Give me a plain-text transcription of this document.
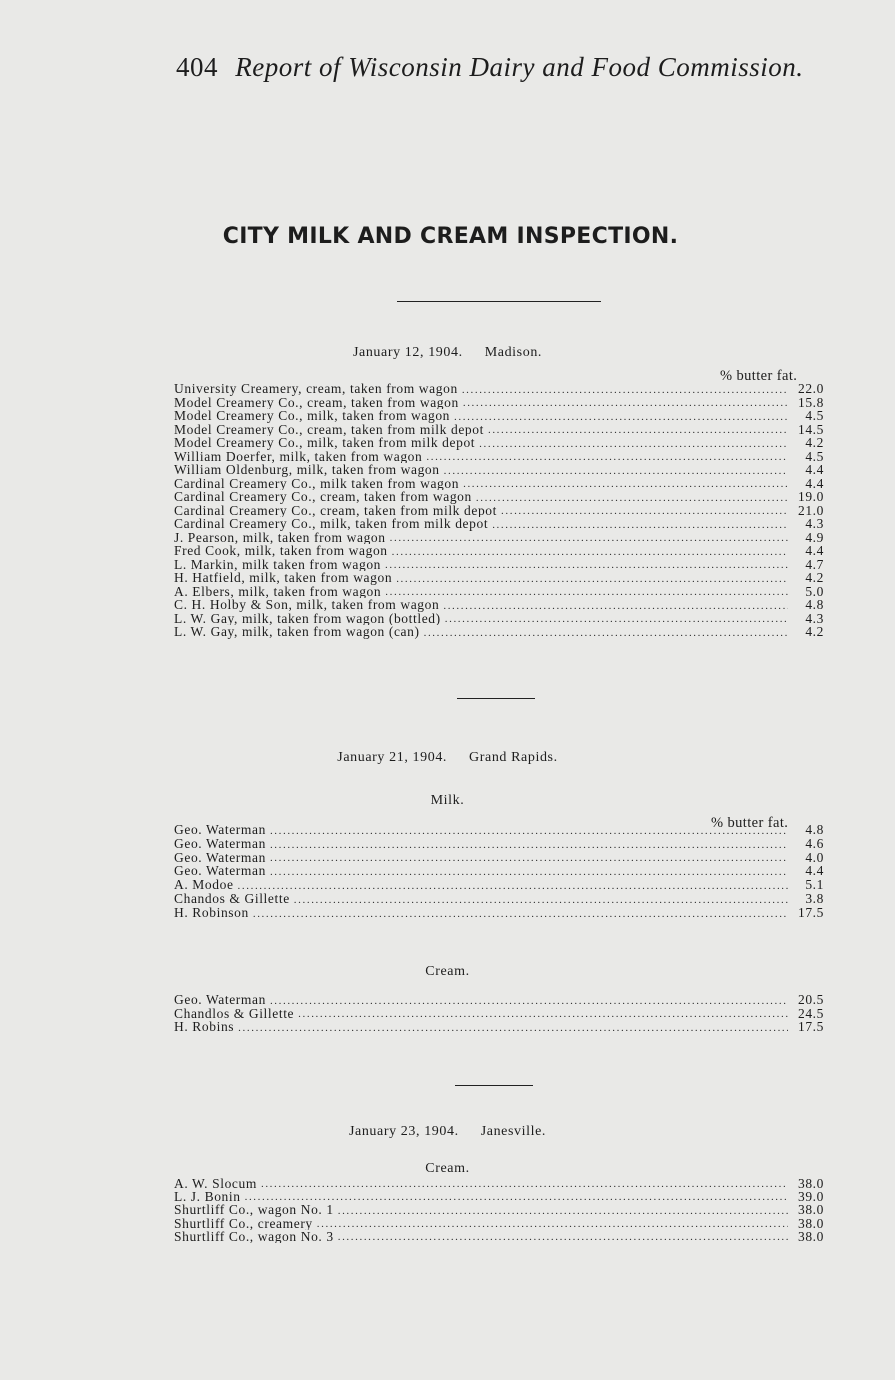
404 Report of Wisconsin Dairy and Food Commission.
CITY MILK AND CREAM INSPECTION.
January 12, 1904. Madison.
% butter fat.
University Creamery, cream, taken from wagon .....	22.0
Model Creamery Co., cream, taken from wagon .....	15.8
Model Creamery Co., milk, taken from wagon .....	4.5
Model Creamery Co., cream, taken from milk depot .....	14.5
Model Creamery Co., milk, taken from milk depot .....	4.2
William Doerfer, milk, taken from wagon .....	4.5
William Oldenburg, milk, taken from wagon .....	4.4
Cardinal Creamery Co., milk taken from wagon .....	4.4
Cardinal Creamery Co., cream, taken from wagon .....	19.0
Cardinal Creamery Co., cream, taken from milk depot .....	21.0
Cardinal Creamery Co., milk, taken from milk depot .....	4.3
J. Pearson, milk, taken from wagon .....	4.9
Fred Cook, milk, taken from wagon .....	4.4
L. Markin, milk taken from wagon .....	4.7
H. Hatfield, milk, taken from wagon .....	4.2
A. Elbers, milk, taken from wagon .....	5.0
C. H. Holby & Son, milk, taken from wagon .....	4.8
L. W. Gay, milk, taken from wagon (bottled) .....	4.3
L. W. Gay, milk, taken from wagon (can) .....	4.2
January 21, 1904. Grand Rapids.
Milk.
% butter fat.
Geo. Waterman .....	4.8
Geo. Waterman .....	4.6
Geo. Waterman .....	4.0
Geo. Waterman .....	4.4
A. Modoe .....	5.1
Chandos & Gillette .....	3.8
H. Robinson .....	17.5
Cream.
Geo. Waterman .....	20.5
Chandlos & Gillette .....	24.5
H. Robins .....	17.5
January 23, 1904. Janesville.
Cream.
A. W. Slocum .....	38.0
L. J. Bonin .....	39.0
Shurtliff Co., wagon No. 1 .....	38.0
Shurtliff Co., creamery .....	38.0
Shurtliff Co., wagon No. 3 .....	38.0
